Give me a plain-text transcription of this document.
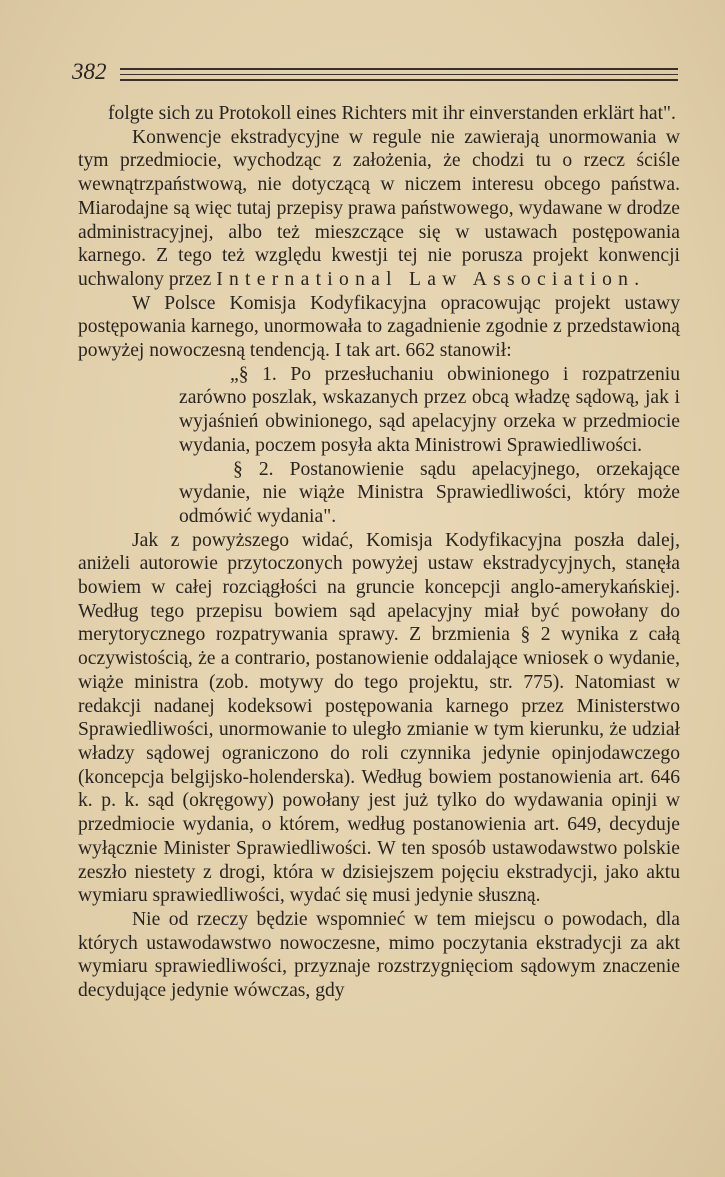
382

folgte sich zu Protokoll eines Richters mit ihr einverstanden erklärt hat".

Konwencje ekstradycyjne w regule nie zawierają unormowania w tym przedmiocie, wychodząc z założenia, że chodzi tu o rzecz ściśle wewnątrzpaństwową, nie dotyczącą w niczem interesu obcego państwa. Miarodajne są więc tutaj przepisy prawa państwowego, wydawane w drodze administracyjnej, albo też mieszczące się w ustawach postępowania karnego. Z tego też względu kwestji tej nie porusza projekt konwencji uchwalony przez International Law Association.

W Polsce Komisja Kodyfikacyjna opracowując projekt ustawy postępowania karnego, unormowała to zagadnienie zgodnie z przedstawioną powyżej nowoczesną tendencją. I tak art. 662 stanowił:

„§ 1. Po przesłuchaniu obwinionego i rozpatrzeniu zarówno poszlak, wskazanych przez obcą władzę sądową, jak i wyjaśnień obwinionego, sąd apelacyjny orzeka w przedmiocie wydania, poczem posyła akta Ministrowi Sprawiedliwości.

§ 2. Postanowienie sądu apelacyjnego, orzekające wydanie, nie wiąże Ministra Sprawiedliwości, który może odmówić wydania".

Jak z powyższego widać, Komisja Kodyfikacyjna poszła dalej, aniżeli autorowie przytoczonych powyżej ustaw ekstradycyjnych, stanęła bowiem w całej rozciągłości na gruncie koncepcji anglo-amerykańskiej. Według tego przepisu bowiem sąd apelacyjny miał być powołany do merytorycznego rozpatrywania sprawy. Z brzmienia § 2 wynika z całą oczywistością, że a contrario, postanowienie oddalające wniosek o wydanie, wiąże ministra (zob. motywy do tego projektu, str. 775). Natomiast w redakcji nadanej kodeksowi postępowania karnego przez Ministerstwo Sprawiedliwości, unormowanie to uległo zmianie w tym kierunku, że udział władzy sądowej ograniczono do roli czynnika jedynie opinjodawczego (koncepcja belgijsko-holenderska). Według bowiem postanowienia art. 646 k. p. k. sąd (okręgowy) powołany jest już tylko do wydawania opinji w przedmiocie wydania, o którem, według postanowienia art. 649, decyduje wyłącznie Minister Sprawiedliwości. W ten sposób ustawodawstwo polskie zeszło niestety z drogi, która w dzisiejszem pojęciu ekstradycji, jako aktu wymiaru sprawiedliwości, wydać się musi jedynie słuszną.

Nie od rzeczy będzie wspomnieć w tem miejscu o powodach, dla których ustawodawstwo nowoczesne, mimo poczytania ekstradycji za akt wymiaru sprawiedliwości, przyznaje rozstrzygnięciom sądowym znaczenie decydujące jedynie wówczas, gdy
